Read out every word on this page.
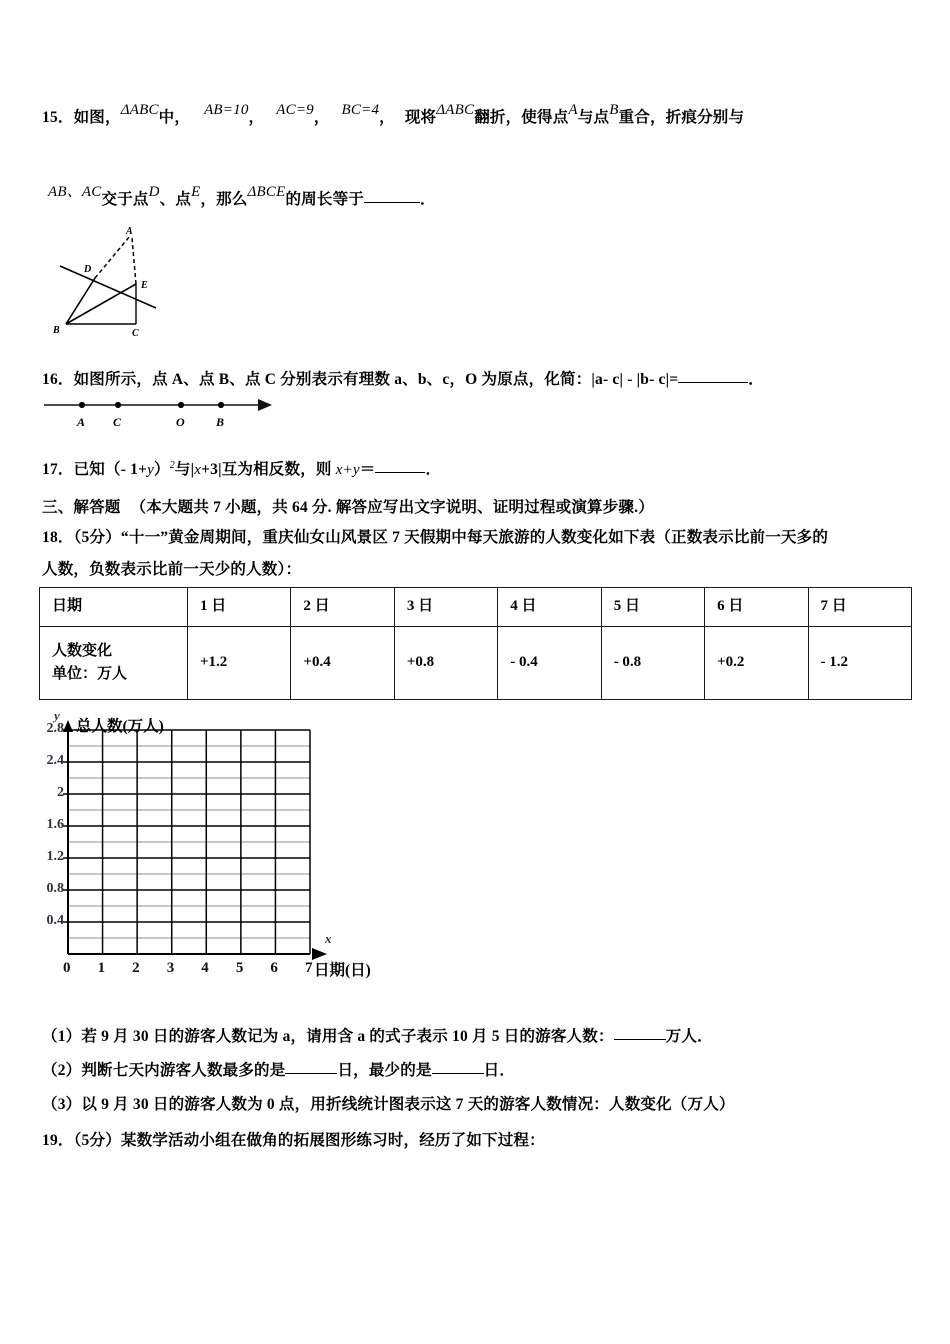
15．如图，ΔABC中， AB=10， AC=9， BC=4， 现将ΔABC翻折，使得点A与点B重合，折痕分别与
AB、AC交于点D、点E，那么ΔBCE的周长等于	．
A
B	C
D
E
16．如图所示，点 A、点 B、点 C 分别表示有理数 a、b、c，O 为原点，化简：|a- c| - |b- c|=	．
A C	O	B
17．已知（- 1+y）$^2$与|x+3|互为相反数，则 x+y＝	．
三、解答题 （本大题共 7 小题，共 64 分. 解答应写出文字说明、证明过程或演算步骤.）
18．（5分）“十一”黄金周期间，重庆仙女山风景区 7 天假期中每天旅游的人数变化如下表（正数表示比前一天多的
人数，负数表示比前一天少的人数）：
日期	1 日	2 日	3 日	4 日	5 日	6 日	7 日

人数变化
单位：万人	+1.2	+0.4	+0.8	- 0.4	- 0.8	+0.2	- 1.2
y
总人数(万人)
x
日期(日)
0.4
0.8
1.2
1.6
2
2.4
2.8
0 1 2 3 4 5 6 7
（1）若 9 月 30 日的游客人数记为 a，请用含 a 的式子表示 10 月 5 日的游客人数：	万人．
（2）判断七天内游客人数最多的是	日，最少的是	日．
（3）以 9 月 30 日的游客人数为 0 点，用折线统计图表示这 7 天的游客人数情况：人数变化（万人）
19．（5分）某数学活动小组在做角的拓展图形练习时，经历了如下过程：
